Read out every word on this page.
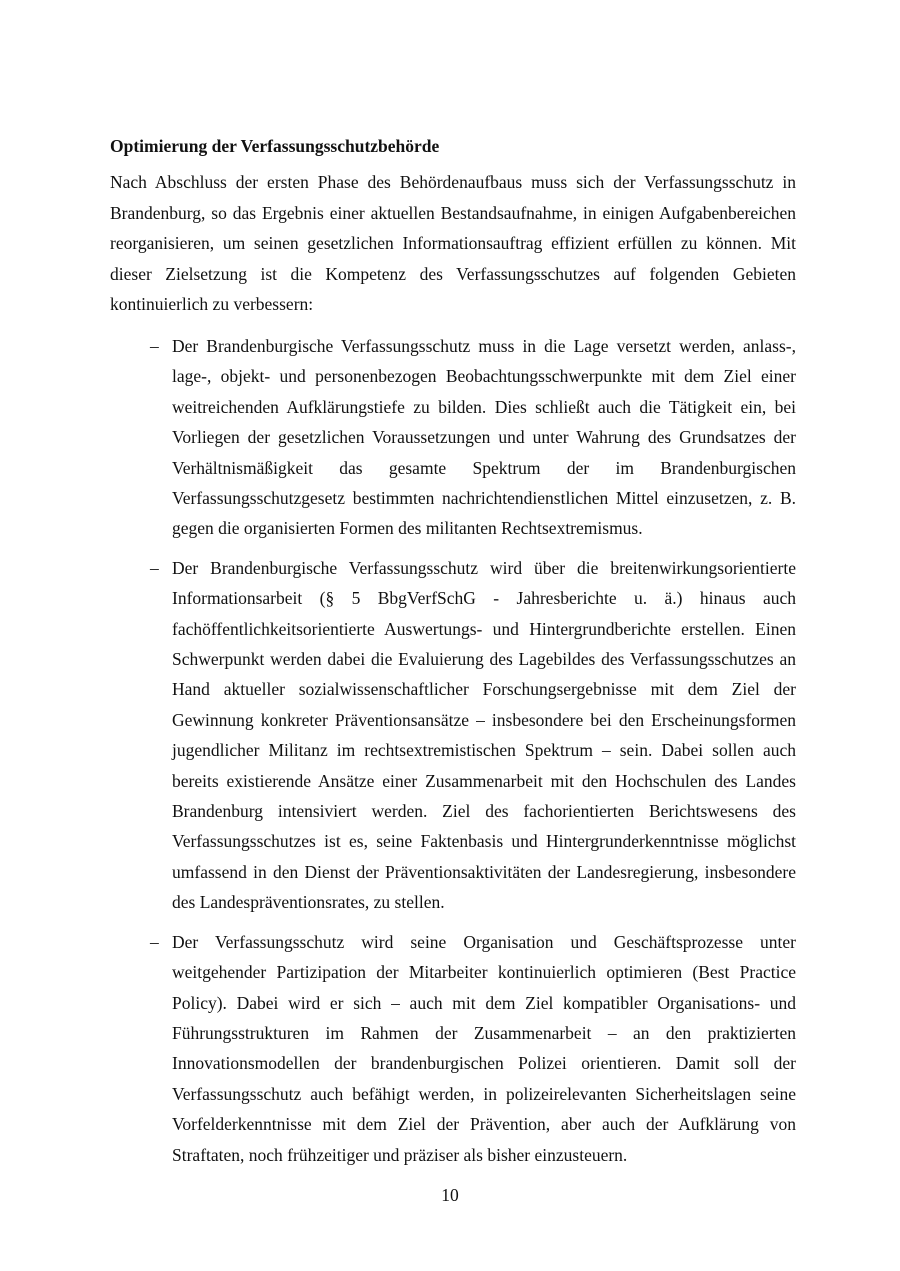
Optimierung der Verfassungsschutzbehörde

Nach Abschluss der ersten Phase des Behördenaufbaus muss sich der Verfassungsschutz in Brandenburg, so das Ergebnis einer aktuellen Bestandsaufnahme, in einigen Aufgabenbereichen reorganisieren, um seinen gesetzlichen Informationsauftrag effizient erfüllen zu können. Mit dieser Zielsetzung ist die Kompetenz des Verfassungsschutzes auf folgenden Gebieten kontinuierlich zu verbessern:

– Der Brandenburgische Verfassungsschutz muss in die Lage versetzt werden, anlass-, lage-, objekt- und personenbezogen Beobachtungsschwerpunkte mit dem Ziel einer weitreichenden Aufklärungstiefe zu bilden. Dies schließt auch die Tätigkeit ein, bei Vorliegen der gesetzlichen Voraussetzungen und unter Wahrung des Grundsatzes der Verhältnismäßigkeit das gesamte Spektrum der im Brandenburgischen Verfassungsschutzgesetz bestimmten nachrichtendienstlichen Mittel einzusetzen, z. B. gegen die organisierten Formen des militanten Rechtsextremismus.
– Der Brandenburgische Verfassungsschutz wird über die breitenwirkungsorientierte Informationsarbeit (§ 5 BbgVerfSchG - Jahresberichte u. ä.) hinaus auch fachöffentlichkeitsorientierte Auswertungs- und Hintergrundberichte erstellen. Einen Schwerpunkt werden dabei die Evaluierung des Lagebildes des Verfassungsschutzes an Hand aktueller sozialwissenschaftlicher Forschungsergebnisse mit dem Ziel der Gewinnung konkreter Präventionsansätze – insbesondere bei den Erscheinungsformen jugendlicher Militanz im rechtsextremistischen Spektrum – sein. Dabei sollen auch bereits existierende Ansätze einer Zusammenarbeit mit den Hochschulen des Landes Brandenburg intensiviert werden. Ziel des fachorientierten Berichtswesens des Verfassungsschutzes ist es, seine Faktenbasis und Hintergrunderkenntnisse möglichst umfassend in den Dienst der Präventionsaktivitäten der Landesregierung, insbesondere des Landespräventionsrates, zu stellen.
– Der Verfassungsschutz wird seine Organisation und Geschäftsprozesse unter weitgehender Partizipation der Mitarbeiter kontinuierlich optimieren (Best Practice Policy). Dabei wird er sich – auch mit dem Ziel kompatibler Organisations- und Führungsstrukturen im Rahmen der Zusammenarbeit – an den praktizierten Innovationsmodellen der brandenburgischen Polizei orientieren. Damit soll der Verfassungsschutz auch befähigt werden, in polizeirelevanten Sicherheitslagen seine Vorfelderkenntnisse mit dem Ziel der Prävention, aber auch der Aufklärung von Straftaten, noch frühzeitiger und präziser als bisher einzusteuern.
10
